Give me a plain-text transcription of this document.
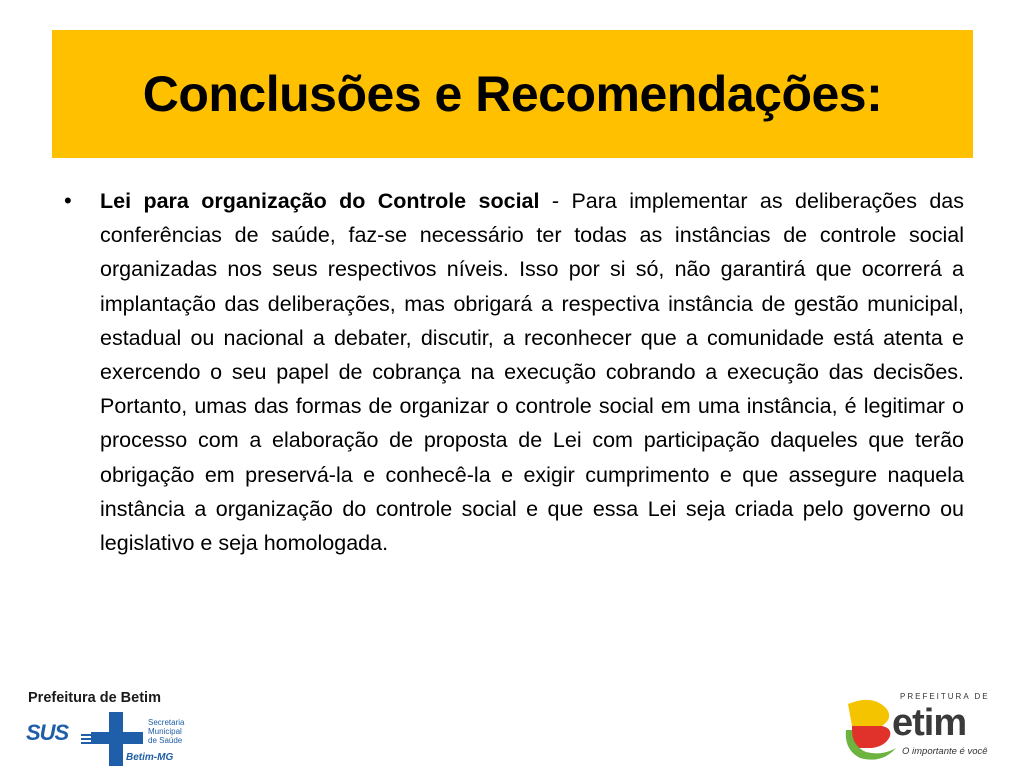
Conclusões e Recomendações:
•	Lei para organização do Controle social - Para implementar as deliberações das conferências de saúde, faz-se necessário ter todas as instâncias de controle social organizadas nos seus respectivos níveis. Isso por si só, não garantirá que ocorrerá a implantação das deliberações, mas obrigará a respectiva instância de gestão municipal, estadual ou nacional a debater, discutir, a reconhecer que a comunidade está atenta e exercendo o seu papel de cobrança na execução cobrando a execução das decisões. Portanto, umas das formas de organizar o controle social em uma instância, é legitimar o processo com a elaboração de proposta de Lei com participação daqueles que terão obrigação em preservá-la e conhecê-la e exigir cumprimento e que assegure naquela instância a organização do controle social e que essa Lei seja criada pelo governo ou legislativo e seja homologada.

Prefeitura de Betim
SUS	Secretaria
Municipal
de Saúde
Betim-MG
PREFEITURA DE
etim
O importante é você
